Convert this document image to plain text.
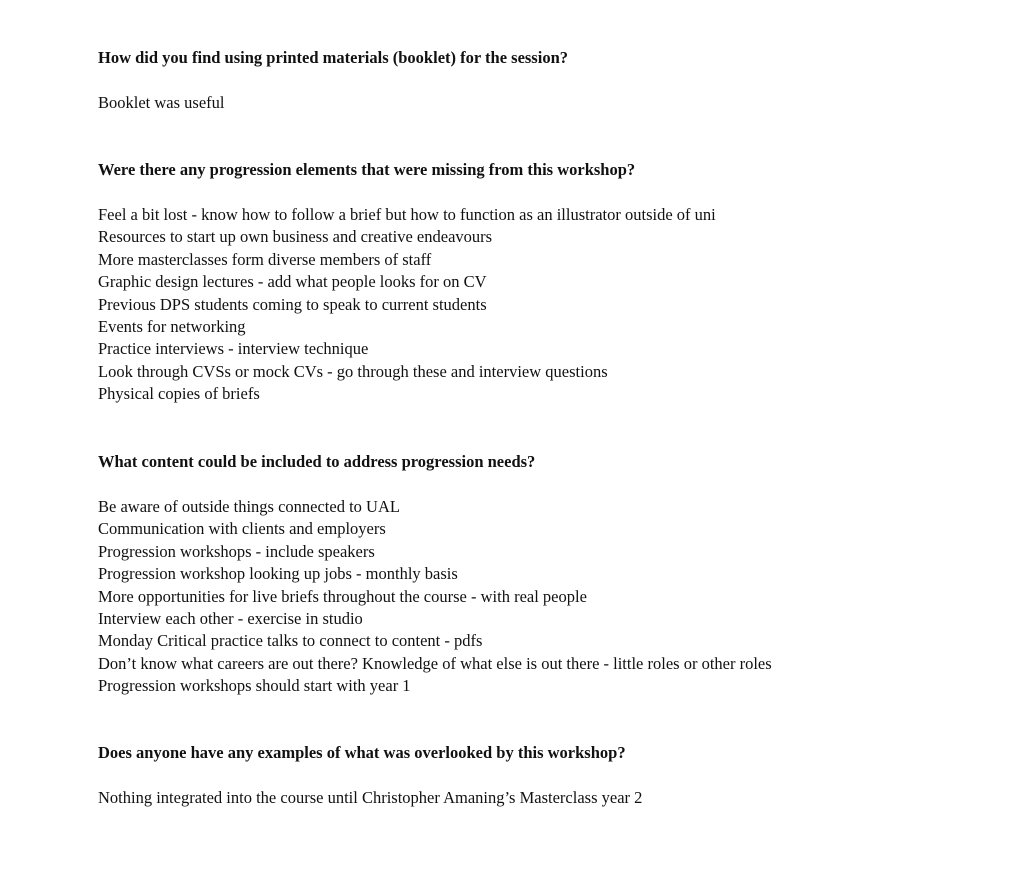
How did you find using printed materials (booklet) for the session?

Booklet was useful

Were there any progression elements that were missing from this workshop?

Feel a bit lost - know how to follow a brief but how to function as an illustrator outside of uni
Resources to start up own business and creative endeavours
More masterclasses form diverse members of staff
Graphic design lectures - add what people looks for on CV
Previous DPS students coming to speak to current students
Events for networking
Practice interviews - interview technique
Look through CVSs or mock CVs - go through these and interview questions
Physical copies of briefs

What content could be included to address progression needs?

Be aware of outside things connected to UAL
Communication with clients and employers
Progression workshops - include speakers
Progression workshop looking up jobs - monthly basis
More opportunities for live briefs throughout the course - with real people
Interview each other - exercise in studio
Monday Critical practice talks to connect to content - pdfs
Don’t know what careers are out there? Knowledge of what else is out there - little roles or other roles
Progression workshops should start with year 1

Does anyone have any examples of what was overlooked by this workshop?

Nothing integrated into the course until Christopher Amaning’s Masterclass year 2
